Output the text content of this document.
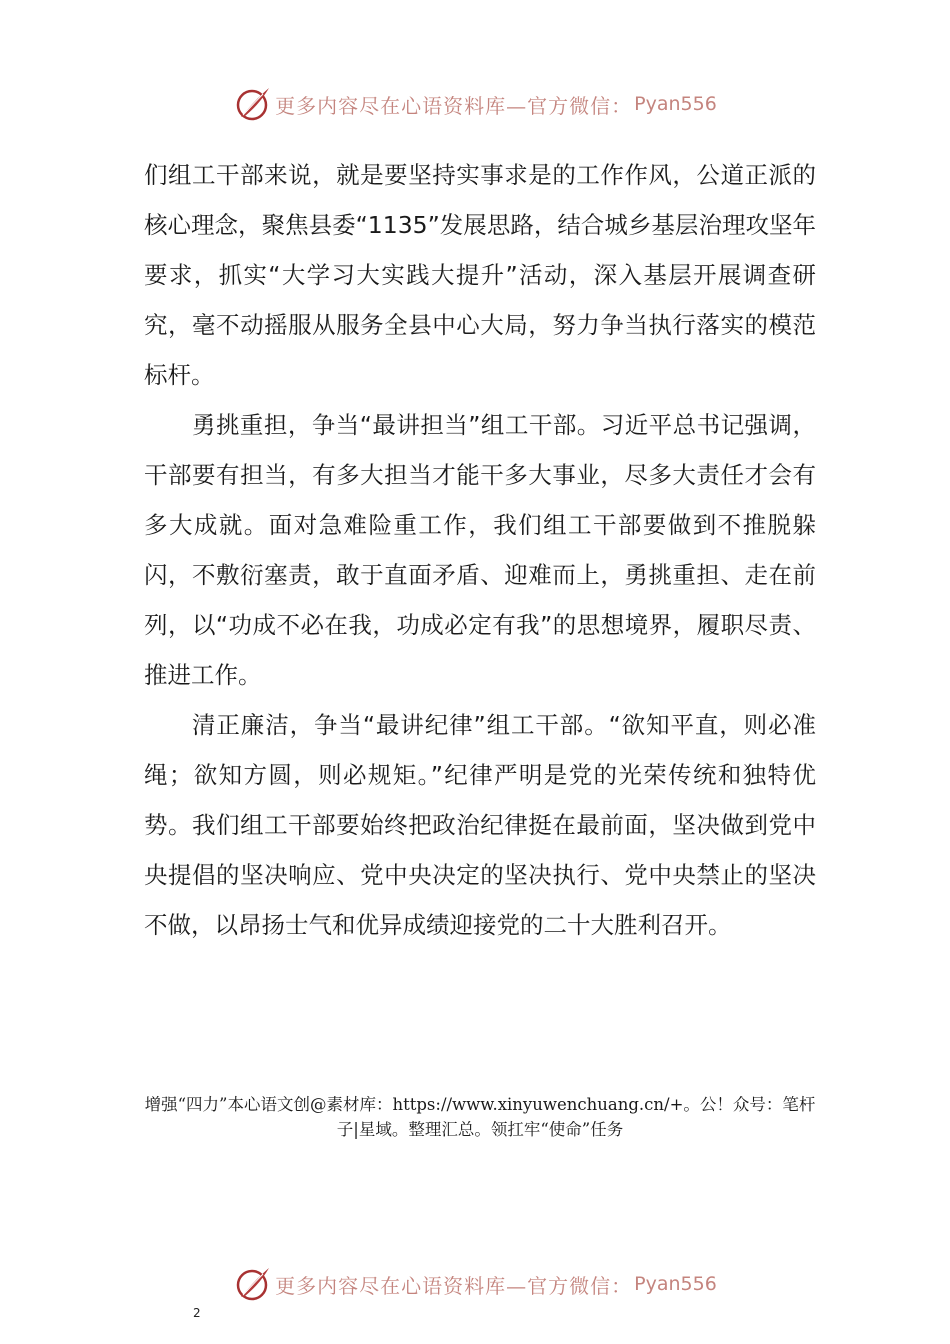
更多内容尽在心语资料库—官方微信： Pyan556

们组工干部来说，就是要坚持实事求是的工作作风，公道正派的核心理念，聚焦县委“1135”发展思路，结合城乡基层治理攻坚年要求，抓实“大学习大实践大提升”活动，深入基层开展调查研究，毫不动摇服从服务全县中心大局，努力争当执行落实的模范标杆。

勇挑重担，争当“最讲担当”组工干部。习近平总书记强调，干部要有担当，有多大担当才能干多大事业，尽多大责任才会有多大成就。面对急难险重工作，我们组工干部要做到不推脱躲闪，不敷衍塞责，敢于直面矛盾、迎难而上，勇挑重担、走在前列，以“功成不必在我，功成必定有我”的思想境界，履职尽责、推进工作。

清正廉洁，争当“最讲纪律”组工干部。“欲知平直，则必准绳；欲知方圆，则必规矩。”纪律严明是党的光荣传统和独特优势。我们组工干部要始终把政治纪律挺在最前面，坚决做到党中央提倡的坚决响应、党中央决定的坚决执行、党中央禁止的坚决不做，以昂扬士气和优异成绩迎接党的二十大胜利召开。

增强“四力”本心语文创@素材库：https://www.xinyuwenchuang.cn/+。公！众号：笔杆子|星域。整理汇总。领扛牢“使命”任务
更多内容尽在心语资料库—官方微信： Pyan556
2
